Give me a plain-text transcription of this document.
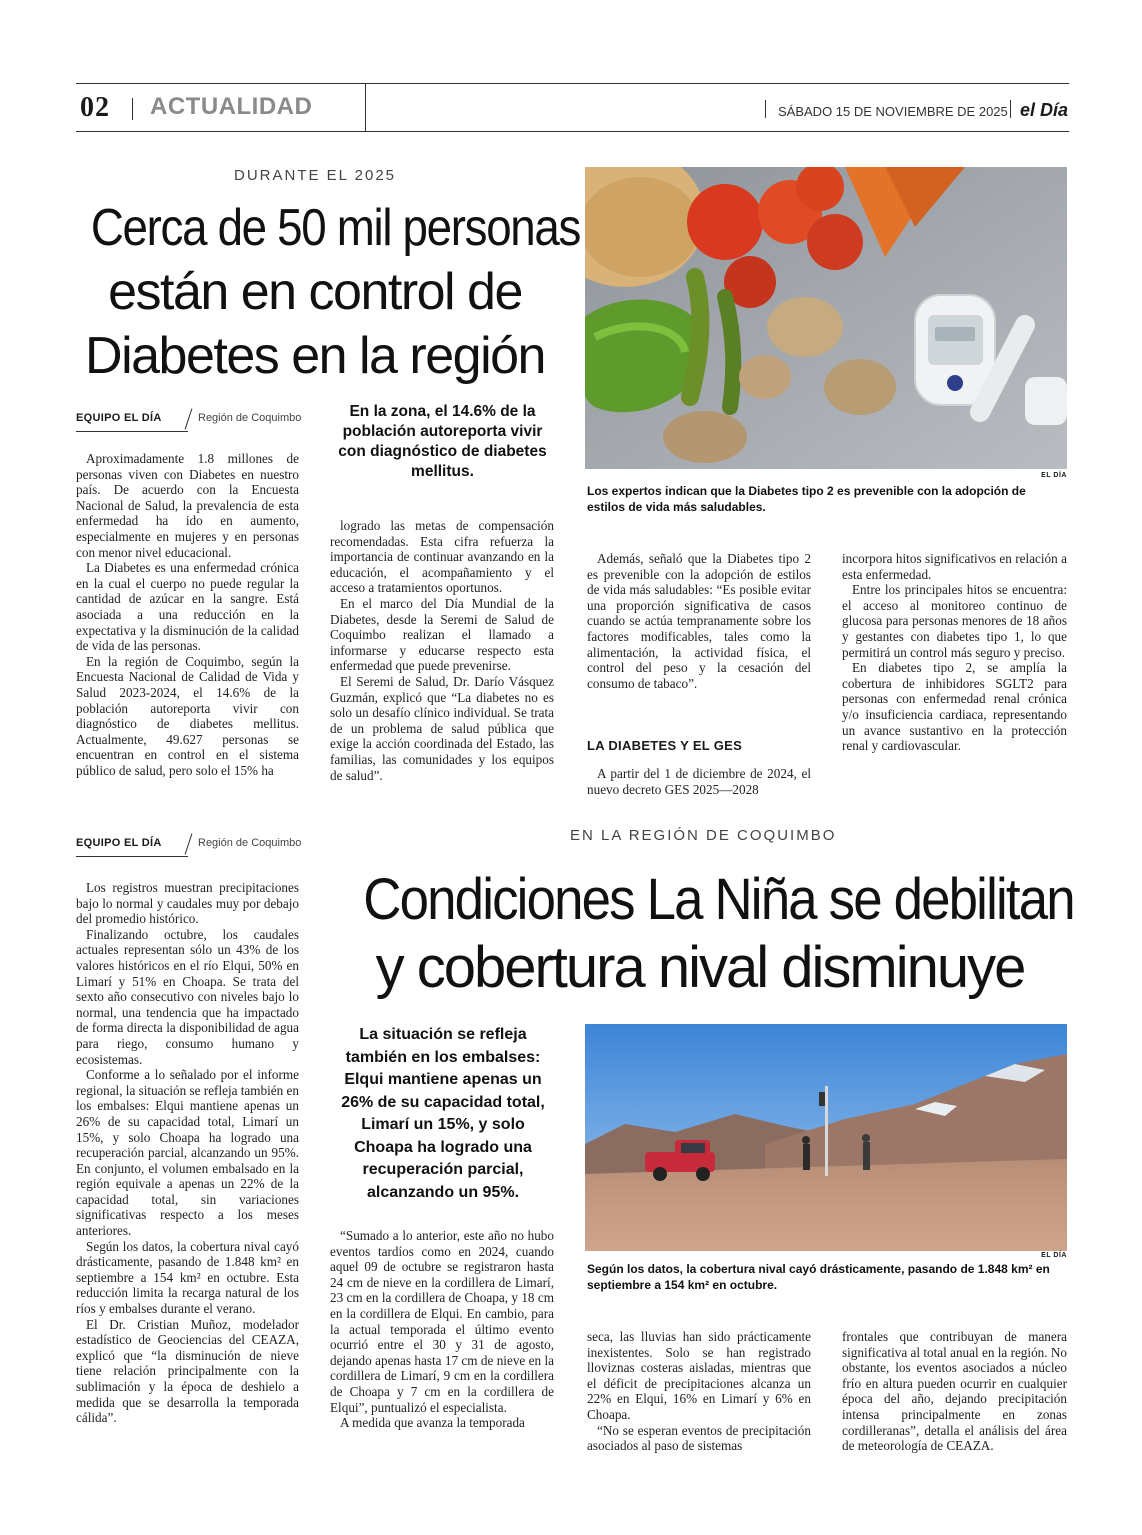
02 ACTUALIDAD	SÁBADO 15 DE NOVIEMBRE DE 2025 el Día
DURANTE EL 2025
Cerca de 50 mil personas
están en control de
Diabetes en la región
EQUIPO EL DÍA	Región de Coquimbo

Aproximadamente 1.8 millones de personas viven con Diabetes en nuestro país. De acuerdo con la Encuesta Nacional de Salud, la prevalencia de esta enfermedad ha ido en aumento, especialmente en mujeres y en personas con menor nivel educacional.

La Diabetes es una enfermedad crónica en la cual el cuerpo no puede regular la cantidad de azúcar en la sangre. Está asociada a una reducción en la expectativa y la disminución de la calidad de vida de las personas.

En la región de Coquimbo, según la Encuesta Nacional de Calidad de Vida y Salud 2023-2024, el 14.6% de la población autoreporta vivir con diagnóstico de diabetes mellitus. Actualmente, 49.627 personas se encuentran en control en el sistema público de salud, pero solo el 15% ha

En la zona, el 14.6% de la población autoreporta vivir con diagnóstico de diabetes mellitus.

logrado las metas de compensación recomendadas. Esta cifra refuerza la importancia de continuar avanzando en la educación, el acompañamiento y el acceso a tratamientos oportunos.

En el marco del Día Mundial de la Diabetes, desde la Seremi de Salud de Coquimbo realizan el llamado a informarse y educarse respecto esta enfermedad que puede prevenirse.

El Seremi de Salud, Dr. Darío Vásquez Guzmán, explicó que “La diabetes no es solo un desafío clínico individual. Se trata de un problema de salud pública que exige la acción coordinada del Estado, las familias, las comunidades y los equipos de salud”.

EL DÍA
Los expertos indican que la Diabetes tipo 2 es prevenible con la adopción de estilos de vida más saludables.

Además, señaló que la Diabetes tipo 2 es prevenible con la adopción de estilos de vida más saludables: “Es posible evitar una proporción significativa de casos cuando se actúa tempranamente sobre los factores modificables, tales como la alimentación, la actividad física, el control del peso y la cesación del consumo de tabaco”.

LA DIABETES Y EL GES

A partir del 1 de diciembre de 2024, el nuevo decreto GES 2025—2028

incorpora hitos significativos en relación a esta enfermedad.

Entre los principales hitos se encuentra: el acceso al monitoreo continuo de glucosa para personas menores de 18 años y gestantes con diabetes tipo 1, lo que permitirá un control más seguro y preciso.

En diabetes tipo 2, se amplía la cobertura de inhibidores SGLT2 para personas con enfermedad renal crónica y/o insuficiencia cardiaca, representando un avance sustantivo en la protección renal y cardiovascular.

EQUIPO EL DÍA	Región de Coquimbo	EN LA REGIÓN DE COQUIMBO
Condiciones La Niña se debilitan
y cobertura nival disminuye

Los registros muestran precipitaciones bajo lo normal y caudales muy por debajo del promedio histórico.

Finalizando octubre, los caudales actuales representan sólo un 43% de los valores históricos en el río Elqui, 50% en Limarí y 51% en Choapa. Se trata del sexto año consecutivo con niveles bajo lo normal, una tendencia que ha impactado de forma directa la disponibilidad de agua para riego, consumo humano y ecosistemas.

Conforme a lo señalado por el informe regional, la situación se refleja también en los embalses: Elqui mantiene apenas un 26% de su capacidad total, Limarí un 15%, y solo Choapa ha logrado una recuperación parcial, alcanzando un 95%. En conjunto, el volumen embalsado en la región equivale a apenas un 22% de la capacidad total, sin variaciones significativas respecto a los meses anteriores.

Según los datos, la cobertura nival cayó drásticamente, pasando de 1.848 km² en septiembre a 154 km² en octubre. Esta reducción limita la recarga natural de los ríos y embalses durante el verano.

El Dr. Cristian Muñoz, modelador estadístico de Geociencias del CEAZA, explicó que “la disminución de nieve tiene relación principalmente con la sublimación y la época de deshielo a medida que se desarrolla la temporada cálida”.

La situación se refleja también en los embalses: Elqui mantiene apenas un 26% de su capacidad total, Limarí un 15%, y solo Choapa ha logrado una recuperación parcial, alcanzando un 95%.

“Sumado a lo anterior, este año no hubo eventos tardíos como en 2024, cuando aquel 09 de octubre se registraron hasta 24 cm de nieve en la cordillera de Limarí, 23 cm en la cordillera de Choapa, y 18 cm en la cordillera de Elqui. En cambio, para la actual temporada el último evento ocurrió entre el 30 y 31 de agosto, dejando apenas hasta 17 cm de nieve en la cordillera de Limarí, 9 cm en la cordillera de Choapa y 7 cm en la cordillera de Elqui”, puntualizó el especialista.

A medida que avanza la temporada

EL DÍA
Según los datos, la cobertura nival cayó drásticamente, pasando de 1.848 km² en septiembre a 154 km² en octubre.

seca, las lluvias han sido prácticamente inexistentes. Solo se han registrado lloviznas costeras aisladas, mientras que el déficit de precipitaciones alcanza un 22% en Elqui, 16% en Limarí y 6% en Choapa.

“No se esperan eventos de precipitación asociados al paso de sistemas

frontales que contribuyan de manera significativa al total anual en la región. No obstante, los eventos asociados a núcleo frío en altura pueden ocurrir en cualquier época del año, dejando precipitación intensa principalmente en zonas cordilleranas”, detalla el análisis del área de meteorología de CEAZA.
